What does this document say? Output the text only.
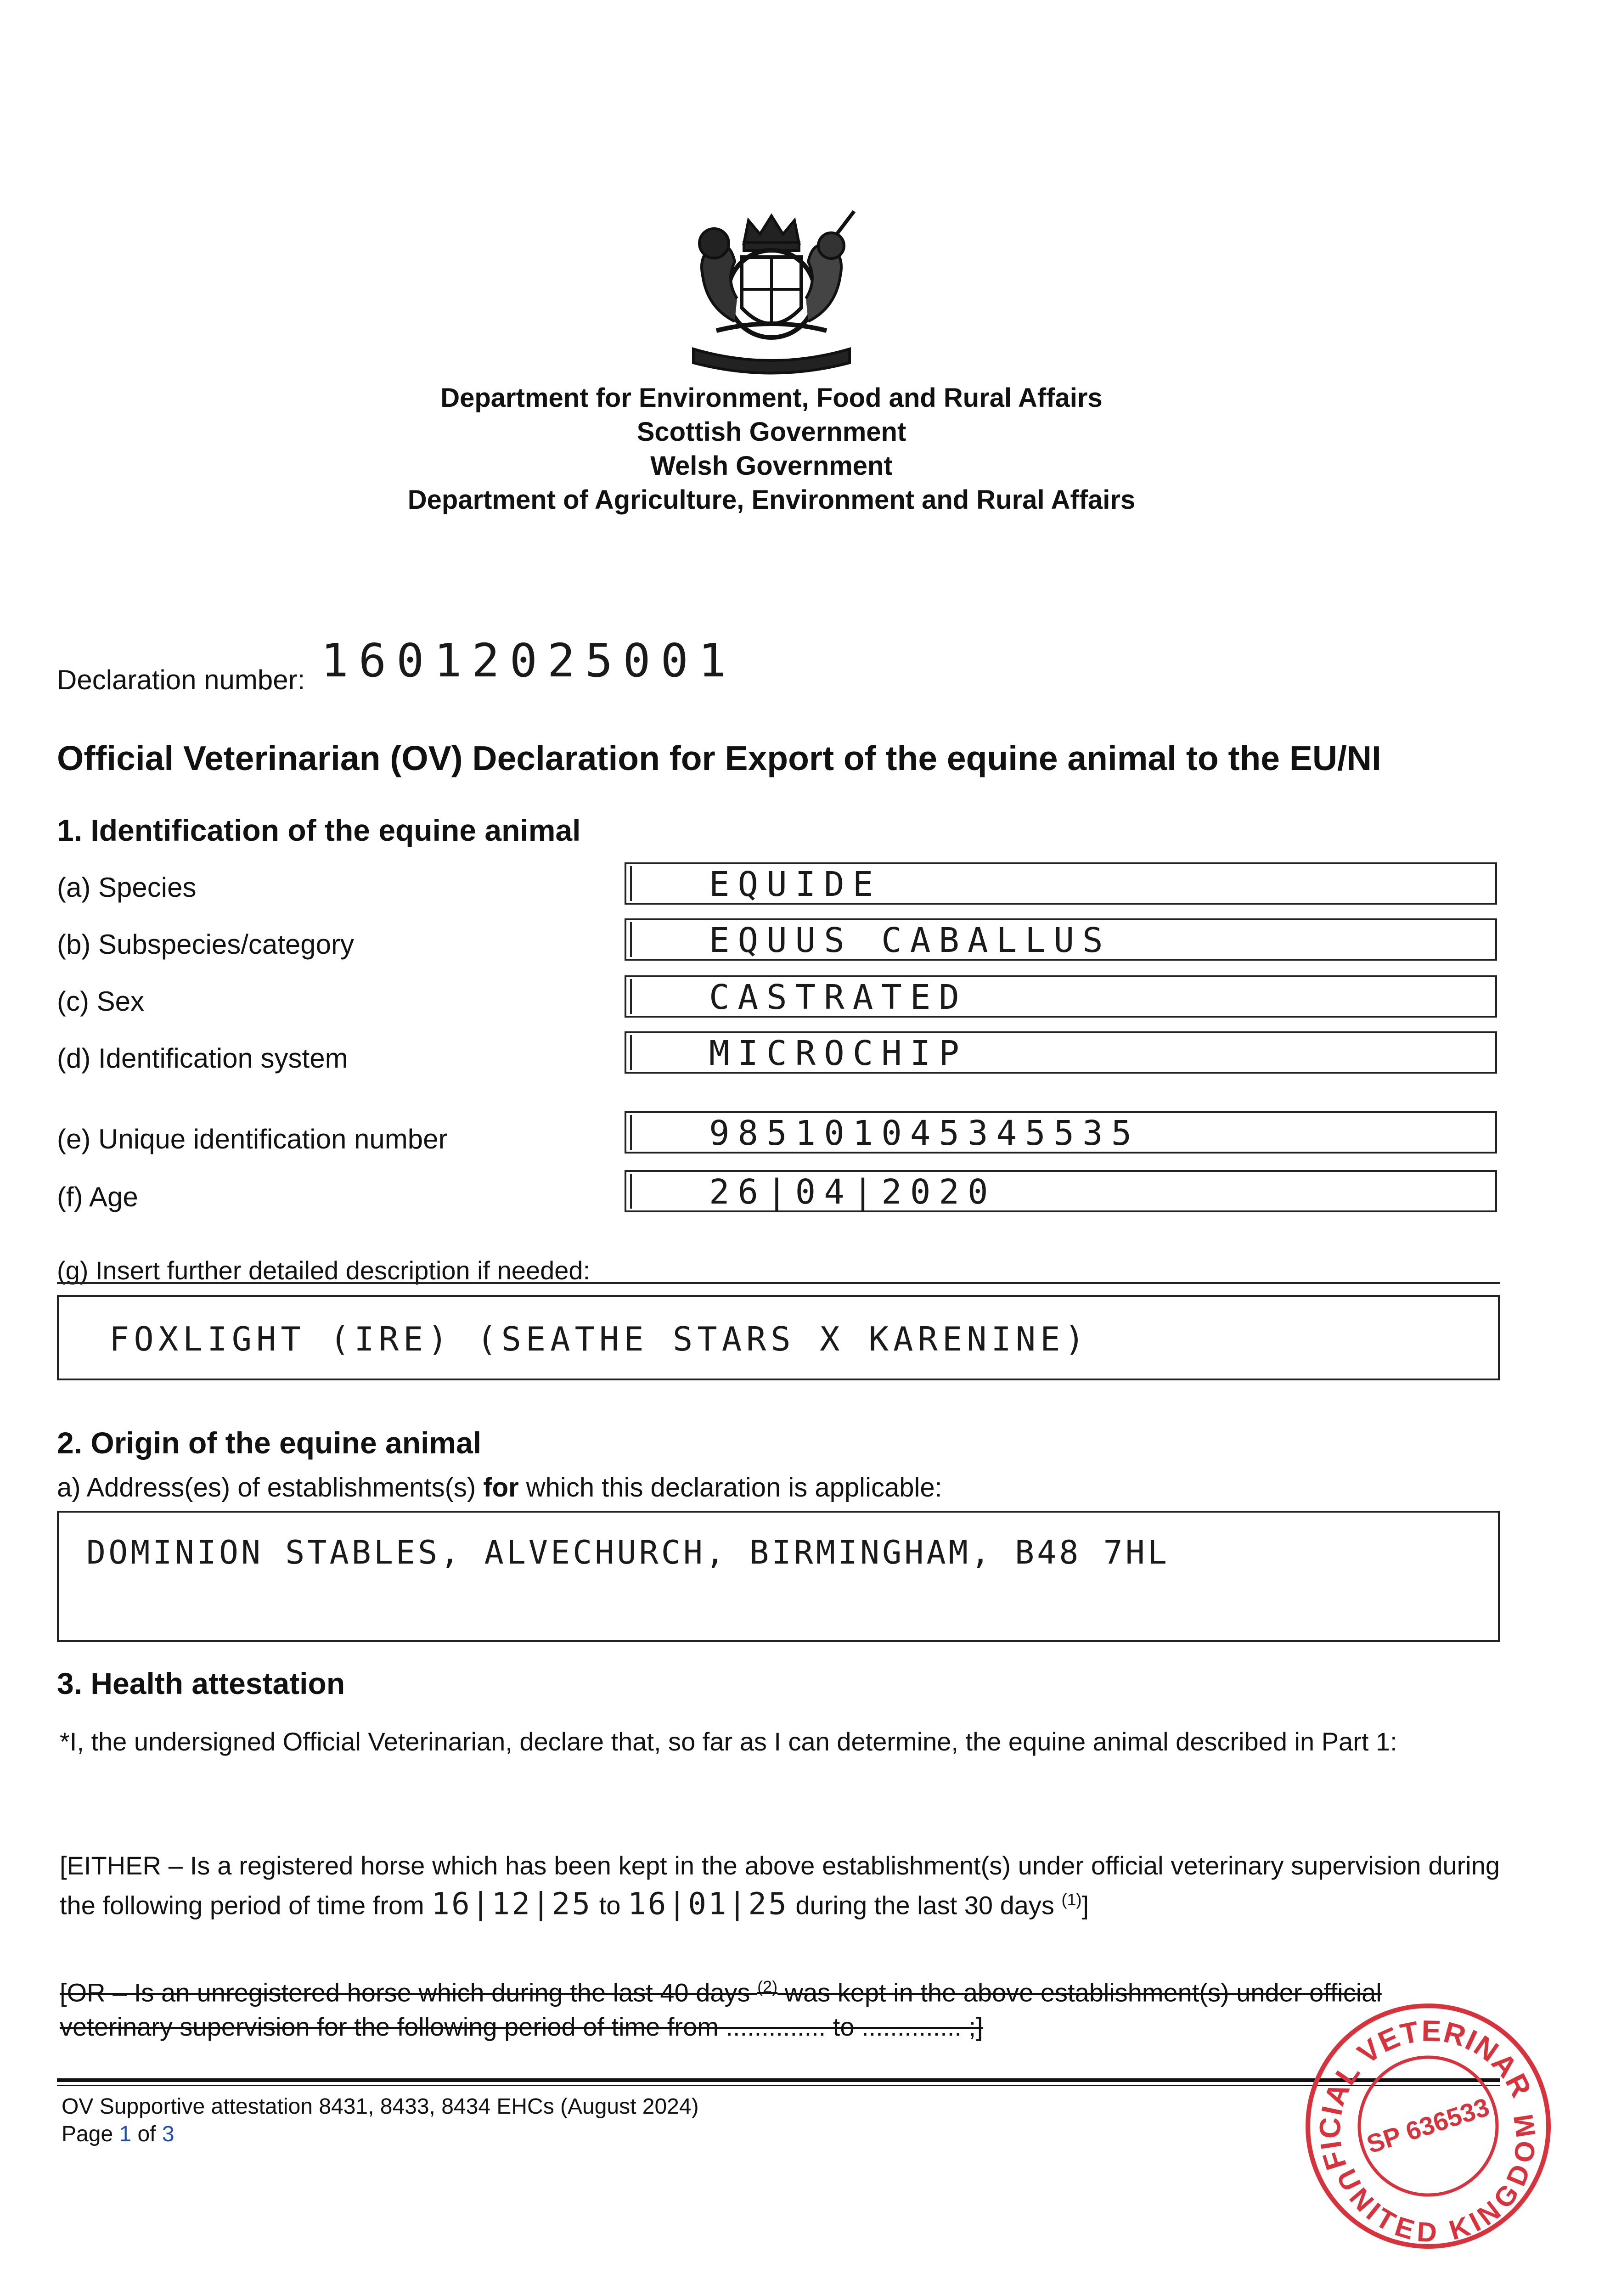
Department for Environment, Food and Rural Affairs
Scottish Government
Welsh Government
Department of Agriculture, Environment and Rural Affairs
Declaration number: 16012025001
Official Veterinarian (OV) Declaration for Export of the equine animal to the EU/NI
1. Identification of the equine animal
(a) Species	EQUIDE
(b) Subspecies/category	EQUUS CABALLUS
(c) Sex	CASTRATED
(d) Identification system	MICROCHIP
(e) Unique identification number	985101045345535
(f) Age	26|04|2020
(g) Insert further detailed description if needed:
FOXLIGHT (IRE) (SEATHE STARS X KARENINE)
2. Origin of the equine animal
a) Address(es) of establishments(s) for which this declaration is applicable:
DOMINION STABLES, ALVECHURCH, BIRMINGHAM, B48 7HL
3. Health attestation
*I, the undersigned Official Veterinarian, declare that, so far as I can determine, the equine animal described in Part 1:
[EITHER – Is a registered horse which has been kept in the above establishment(s) under official veterinary supervision during the following period of time from 16|12|25 to 16|01|25 during the last 30 days $^{(1)}$]
[OR – Is an unregistered horse which during the last 40 days $^{(2)}$ was kept in the above establishment(s) under official veterinary supervision for the following period of time from .............. to .............. ;]
OV Supportive attestation 8431, 8433, 8434 EHCs (August 2024)
Page 1 of 3
OFFICIAL VETERINARIAN
UNITED KINGDOM
SP 636533
